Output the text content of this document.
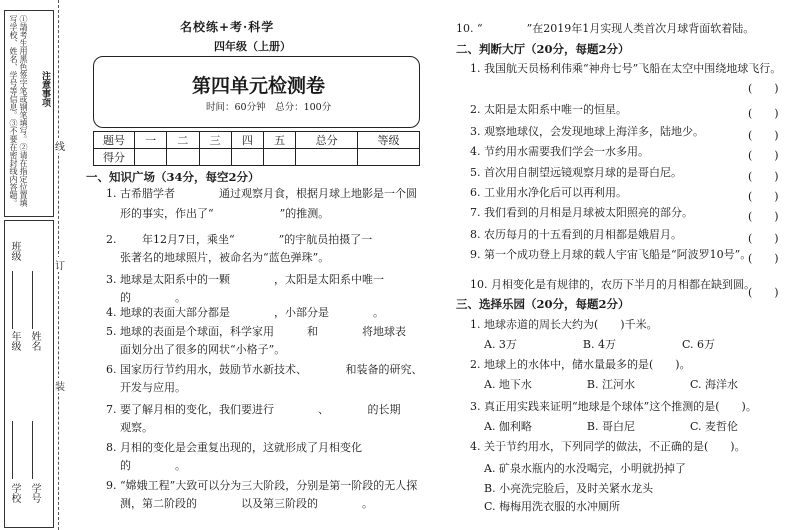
①請考生用黑色签字笔或钢笔填写。②请在指定位置填写学校、姓名、学号等信息。③不要在密封线内答题。	注意事项
学校 学号
年级 姓名
班级
线
订
装
名校练+考·科学
四年级（上册）
第四单元检测卷
时间：60分钟　总分：100分
题号	一	二	三	四	五	总分	等级
得分							
一、知识广场（34分，每空2分）
1. 古希腊学者　　　　通过观察月食，根据月球上地影是一个圆
形的事实，作出了“　　　　　　”的推测。
2. 　　年12月7日，乘坐“　　　　”的宇航员拍摄了一
张著名的地球照片，被命名为“蓝色弹珠”。
3. 地球是太阳系中的一颗　　　　，太阳是太阳系中唯一
的　　　　。
4. 地球的表面大部分都是　　　　，小部分是　　　　。
5. 地球的表面是个球面，科学家用　　　和　　　　将地球表
面划分出了很多的网状“小格子”。
6. 国家历行节约用水，鼓励节水新技术、　　　　和装备的研究、
开发与应用。
7. 要了解月相的变化，我们要进行　　　　、　　　　的长期
观察。
8. 月相的变化是会重复出现的，这就形成了月相变化
的　　　　。
9. “嫦娥工程”大致可以分为三大阶段，分别是第一阶段的无人探
测，第二阶段的　　　　以及第三阶段的　　　　。
10. “　　　　”在2019年1月实现人类首次月球背面软着陆。
二、判断大厅（20分，每题2分）
1. 我国航天员杨利伟乘“神舟七号”飞船在太空中围绕地球飞行。
(　　)
2. 太阳是太阳系中唯一的恒星。	(　　)
3. 观察地球仪，会发现地球上海洋多，陆地少。	(　　)
4. 节约用水需要我们学会一水多用。	(　　)
5. 首次用自制望远镜观察月球的是哥白尼。	(　　)
6. 工业用水净化后可以再利用。	(　　)
7. 我们看到的月相是月球被太阳照亮的部分。	(　　)
8. 农历每月的十五看到的月相都是娥眉月。	(　　)
9. 第一个成功登上月球的载人宇宙飞船是“阿波罗10号”。
(　　)
10. 月相变化是有规律的，农历下半月的月相都在缺到圆。
(　　)
三、选择乐园（20分，每题2分）
1. 地球赤道的周长大约为(　　)千米。
A. 3万　　　　　　B. 4万　　　　　　C. 6万
2. 地球上的水体中，储水量最多的是(　　)。
A. 地下水　　　　　B. 江河水　　　　　C. 海洋水
3. 真正用实践来证明“地球是个球体”这个推测的是(　　)。
A. 伽利略　　　　　B. 哥白尼　　　　　C. 麦哲伦
4. 关于节约用水，下列同学的做法，不正确的是(　　)。
A. 矿泉水瓶内的水没喝完，小明就扔掉了
B. 小亮洗完脸后，及时关紧水龙头
C. 梅梅用洗衣服的水冲厕所
